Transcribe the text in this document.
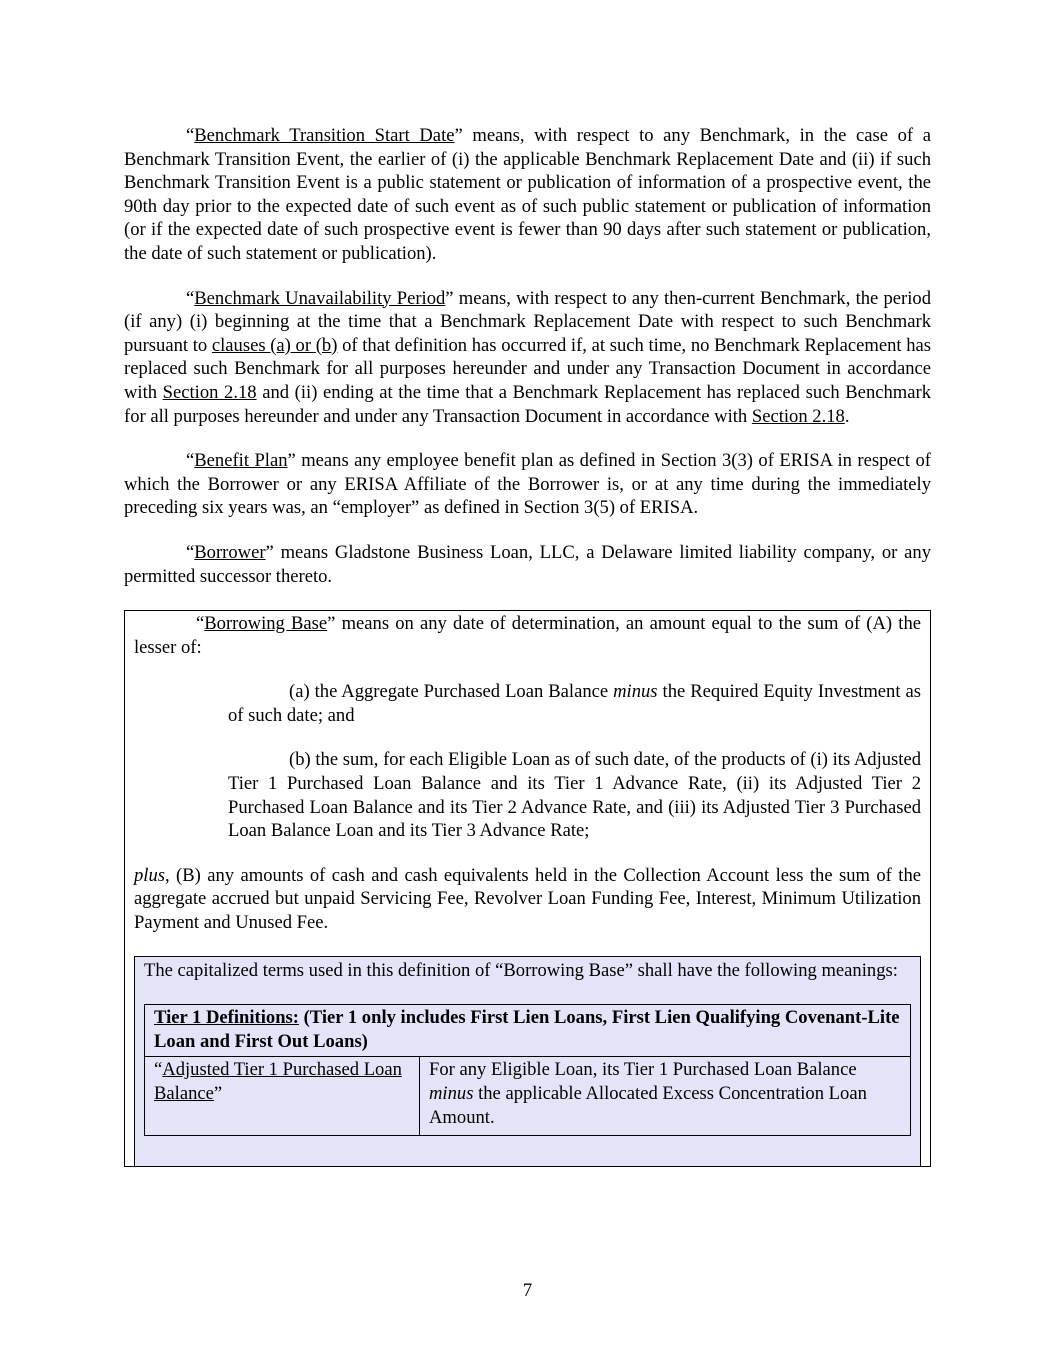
“Benchmark Transition Start Date” means, with respect to any Benchmark, in the case of a Benchmark Transition Event, the earlier of (i) the applicable Benchmark Replacement Date and (ii) if such Benchmark Transition Event is a public statement or publication of information of a prospective event, the 90th day prior to the expected date of such event as of such public statement or publication of information (or if the expected date of such prospective event is fewer than 90 days after such statement or publication, the date of such statement or publication).

“Benchmark Unavailability Period” means, with respect to any then-current Benchmark, the period (if any) (i) beginning at the time that a Benchmark Replacement Date with respect to such Benchmark pursuant to clauses (a) or (b) of that definition has occurred if, at such time, no Benchmark Replacement has replaced such Benchmark for all purposes hereunder and under any Transaction Document in accordance with Section 2.18 and (ii) ending at the time that a Benchmark Replacement has replaced such Benchmark for all purposes hereunder and under any Transaction Document in accordance with Section 2.18.

“Benefit Plan” means any employee benefit plan as defined in Section 3(3) of ERISA in respect of which the Borrower or any ERISA Affiliate of the Borrower is, or at any time during the immediately preceding six years was, an “employer” as defined in Section 3(5) of ERISA.

“Borrower” means Gladstone Business Loan, LLC, a Delaware limited liability company, or any permitted successor thereto.

“Borrowing Base” means on any date of determination, an amount equal to the sum of (A) the lesser of:

(a) the Aggregate Purchased Loan Balance minus the Required Equity Investment as of such date; and

(b) the sum, for each Eligible Loan as of such date, of the products of (i) its Adjusted Tier 1 Purchased Loan Balance and its Tier 1 Advance Rate, (ii) its Adjusted Tier 2 Purchased Loan Balance and its Tier 2 Advance Rate, and (iii) its Adjusted Tier 3 Purchased Loan Balance Loan and its Tier 3 Advance Rate;

plus, (B) any amounts of cash and cash equivalents held in the Collection Account less the sum of the aggregate accrued but unpaid Servicing Fee, Revolver Loan Funding Fee, Interest, Minimum Utilization Payment and Unused Fee.

The capitalized terms used in this definition of “Borrowing Base” shall have the following meanings:

Tier 1 Definitions: (Tier 1 only includes First Lien Loans, First Lien Qualifying Covenant-Lite Loan and First Out Loans)
“Adjusted Tier 1 Purchased Loan Balance”	For any Eligible Loan, its Tier 1 Purchased Loan Balance minus the applicable Allocated Excess Concentration Loan Amount.
7
